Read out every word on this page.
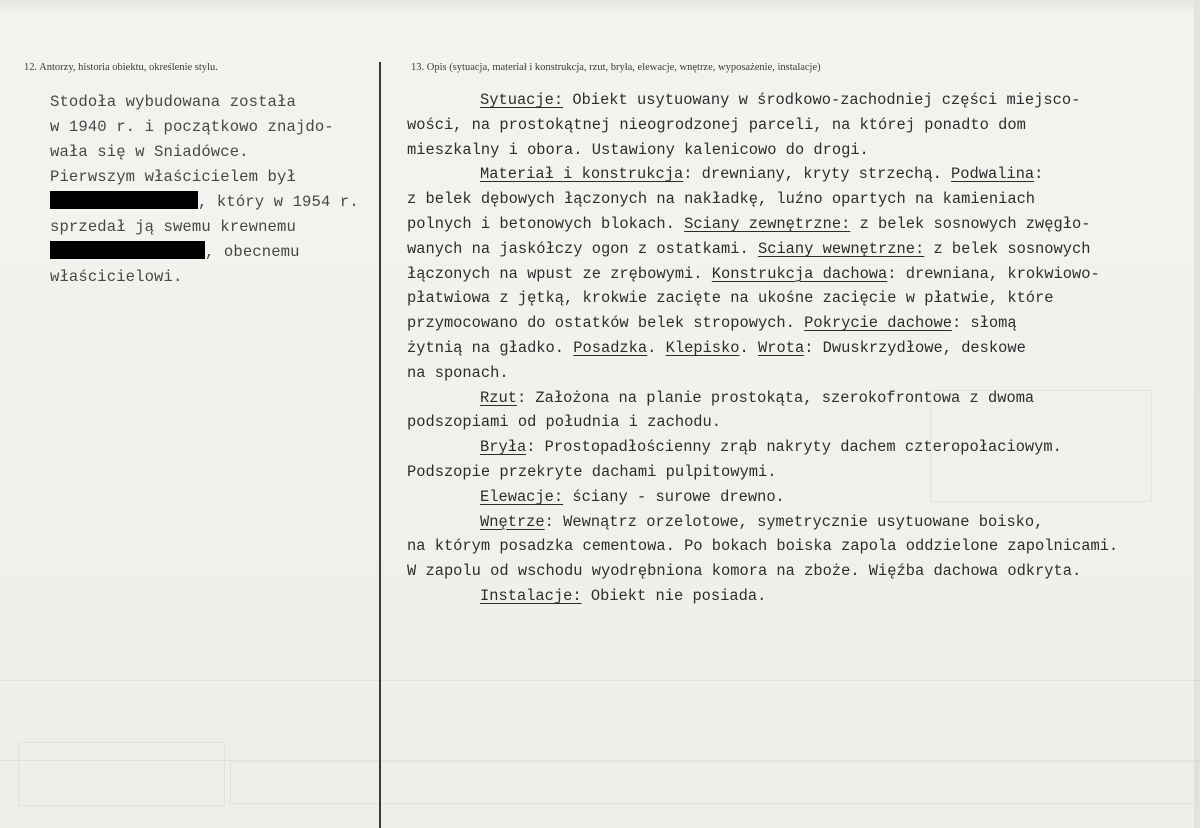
12. Antorzy, historia obiektu, określenie stylu.	13. Opis (sytuacja, materiał i konstrukcja, rzut, bryła, elewacje, wnętrze, wyposażenie, instalacje)
Stodoła wybudowana została
w 1940 r. i początkowo znajdo-
wała się w Sniadówce.
Pierwszym właścicielem był
, który w 1954 r.
sprzedał ją swemu krewnemu
, obecnemu
właścicielowi.
Sytuacje: Obiekt usytuowany w środkowo-zachodniej części miejsco-
wości, na prostokątnej nieogrodzonej parceli, na której ponadto dom
mieszkalny i obora. Ustawiony kalenicowo do drogi.
Materiał i konstrukcja: drewniany, kryty strzechą. Podwalina:
z belek dębowych łączonych na nakładkę, luźno opartych na kamieniach
polnych i betonowych blokach. Sciany zewnętrzne: z belek sosnowych zwęgło-
wanych na jaskółczy ogon z ostatkami. Sciany wewnętrzne: z belek sosnowych
łączonych na wpust ze zrębowymi. Konstrukcja dachowa: drewniana, krokwiowo-
płatwiowa z jętką, krokwie zacięte na ukośne zacięcie w płatwie, które
przymocowano do ostatków belek stropowych. Pokrycie dachowe: słomą
żytnią na gładko. Posadzka. Klepisko. Wrota: Dwuskrzydłowe, deskowe
na sponach.
Rzut: Założona na planie prostokąta, szerokofrontowa z dwoma
podszopiami od południa i zachodu.
Bryła: Prostopadłościenny zrąb nakryty dachem czteropołaciowym.
Podszopie przekryte dachami pulpitowymi.
Elewacje: ściany - surowe drewno.
Wnętrze: Wewnątrz orzelotowe, symetrycznie usytuowane boisko,
na którym posadzka cementowa. Po bokach boiska zapola oddzielone zapolnicami.
W zapolu od wschodu wyodrębniona komora na zboże. Więźba dachowa odkryta.
Instalacje: Obiekt nie posiada.
